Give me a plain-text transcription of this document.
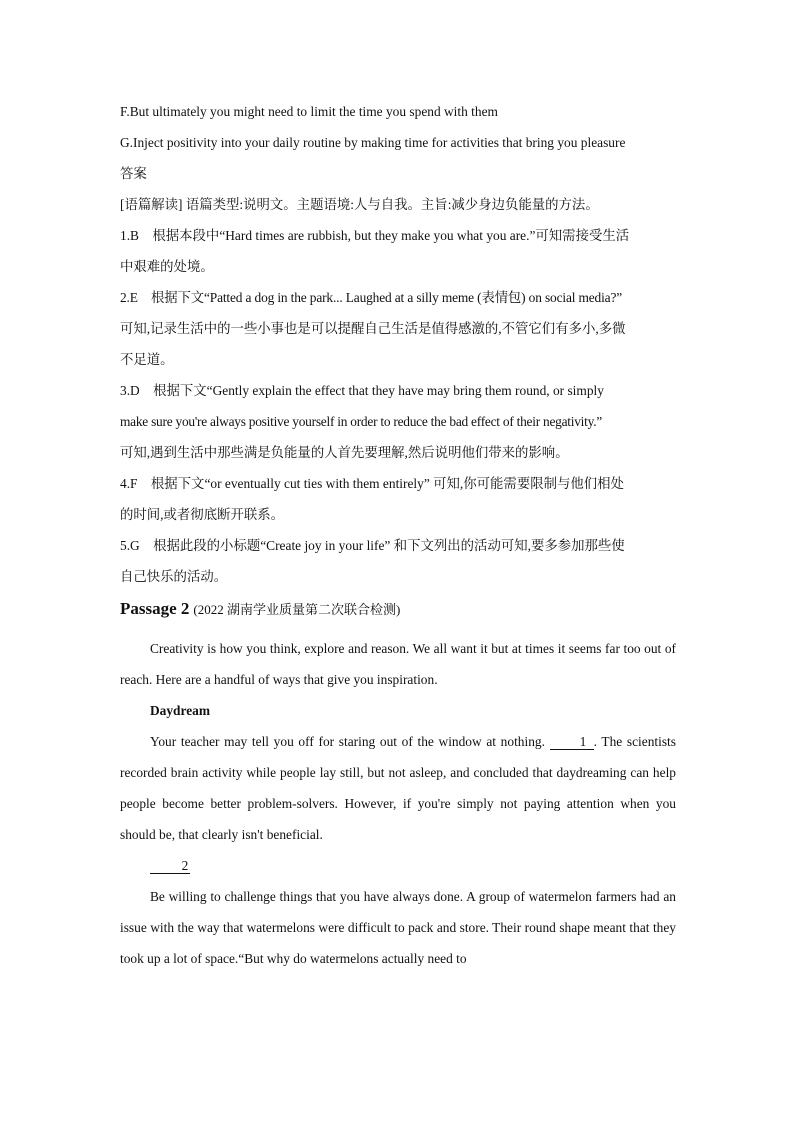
F.But ultimately you might need to limit the time you spend with them
G.Inject positivity into your daily routine by making time for activities that bring you pleasure
答案
[语篇解读] 语篇类型:说明文。主题语境:人与自我。主旨:减少身边负能量的方法。
1.B　根据本段中“Hard times are rubbish, but they make you what you are.”可知需接受生活
中艰难的处境。
2.E　根据下文“Patted a dog in the park... Laughed at a silly meme (表情包) on social media?”
可知,记录生活中的一些小事也是可以提醒自己生活是值得感激的,不管它们有多小,多微
不足道。
3.D　根据下文“Gently explain the effect that they have may bring them round, or simply
make sure you're always positive yourself in order to reduce the bad effect of their negativity.”
可知,遇到生活中那些满是负能量的人首先要理解,然后说明他们带来的影响。
4.F　根据下文“or eventually cut ties with them entirely” 可知,你可能需要限制与他们相处
的时间,或者彻底断开联系。
5.G　根据此段的小标题“Create joy in your life” 和下文列出的活动可知,要多参加那些使
自己快乐的活动。
Passage 2 (2022 湖南学业质量第二次联合检测)
Creativity is how you think, explore and reason. We all want it but at times it seems far too out of reach. Here are a handful of ways that give you inspiration.
Daydream
Your teacher may tell you off for staring out of the window at nothing. 1 . The scientists recorded brain activity while people lay still, but not asleep, and concluded that daydreaming can help people become better problem-solvers. However, if you're simply not paying attention when you should be, that clearly isn't beneficial.
2
Be willing to challenge things that you have always done. A group of watermelon farmers had an issue with the way that watermelons were difficult to pack and store. Their round shape meant that they took up a lot of space.“But why do watermelons actually need to
